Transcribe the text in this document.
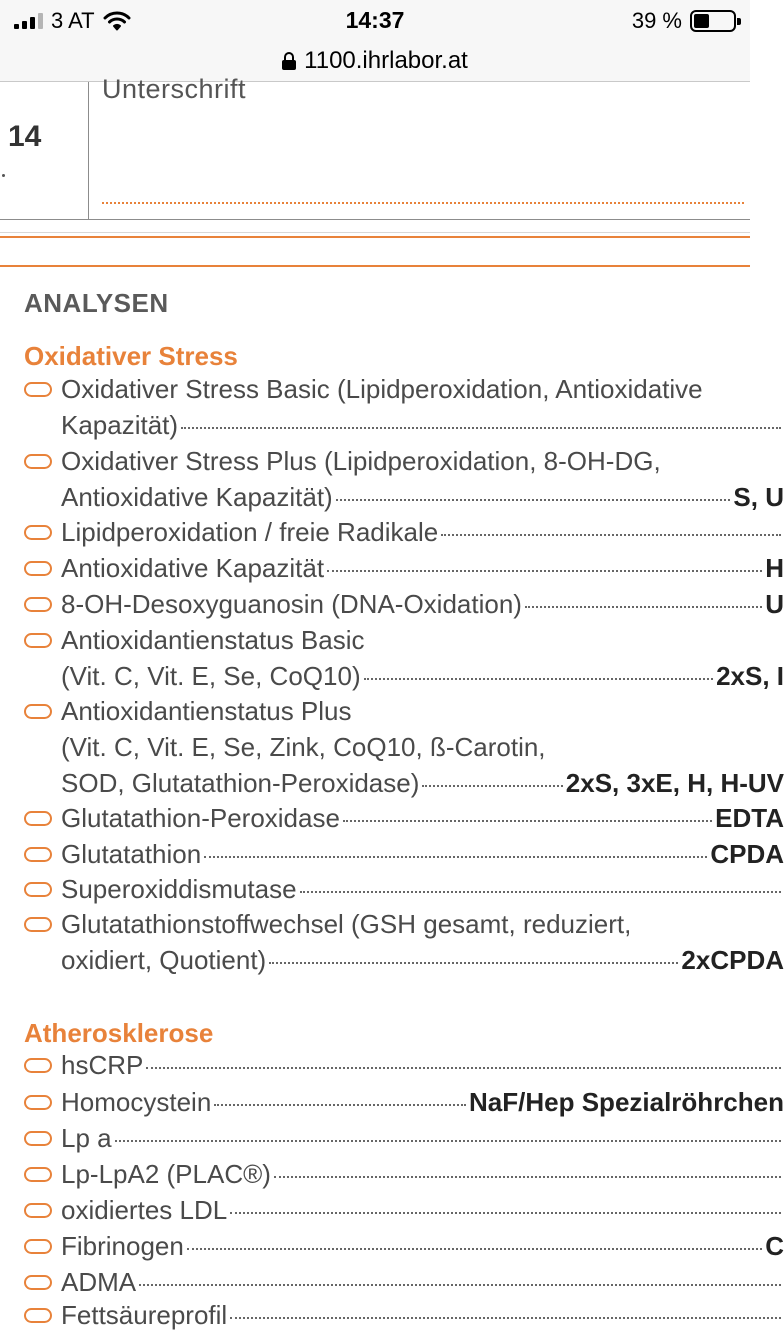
3 AT	14:37	39 %
1100.ihrlabor.at
14
Unterschrift
ANALYSEN
Oxidativer Stress
Oxidativer Stress Basic (Lipidperoxidation, Antioxidative
Kapazität)
Oxidativer Stress Plus (Lipidperoxidation, 8-OH-DG,
Antioxidative Kapazität)	S, U
Lipidperoxidation / freie Radikale
Antioxidative Kapazität	H
8-OH-Desoxyguanosin (DNA-Oxidation)	U
Antioxidantienstatus Basic
(Vit. C, Vit. E, Se, CoQ10)	2xS, I
Antioxidantienstatus Plus
(Vit. C, Vit. E, Se, Zink, CoQ10, ß-Carotin,
SOD, Glutatathion-Peroxidase)	2xS, 3xE, H, H-UV
Glutatathion-Peroxidase	EDTA
Glutatathion	CPDA
Superoxiddismutase
Glutatathionstoffwechsel (GSH gesamt, reduziert,
oxidiert, Quotient)	2xCPDA
Atherosklerose
hsCRP
Homocystein	NaF/Hep Spezialröhrchen
Lp a
Lp-LpA2 (PLAC®)
oxidiertes LDL
Fibrinogen	C
ADMA
Fettsäureprofil
